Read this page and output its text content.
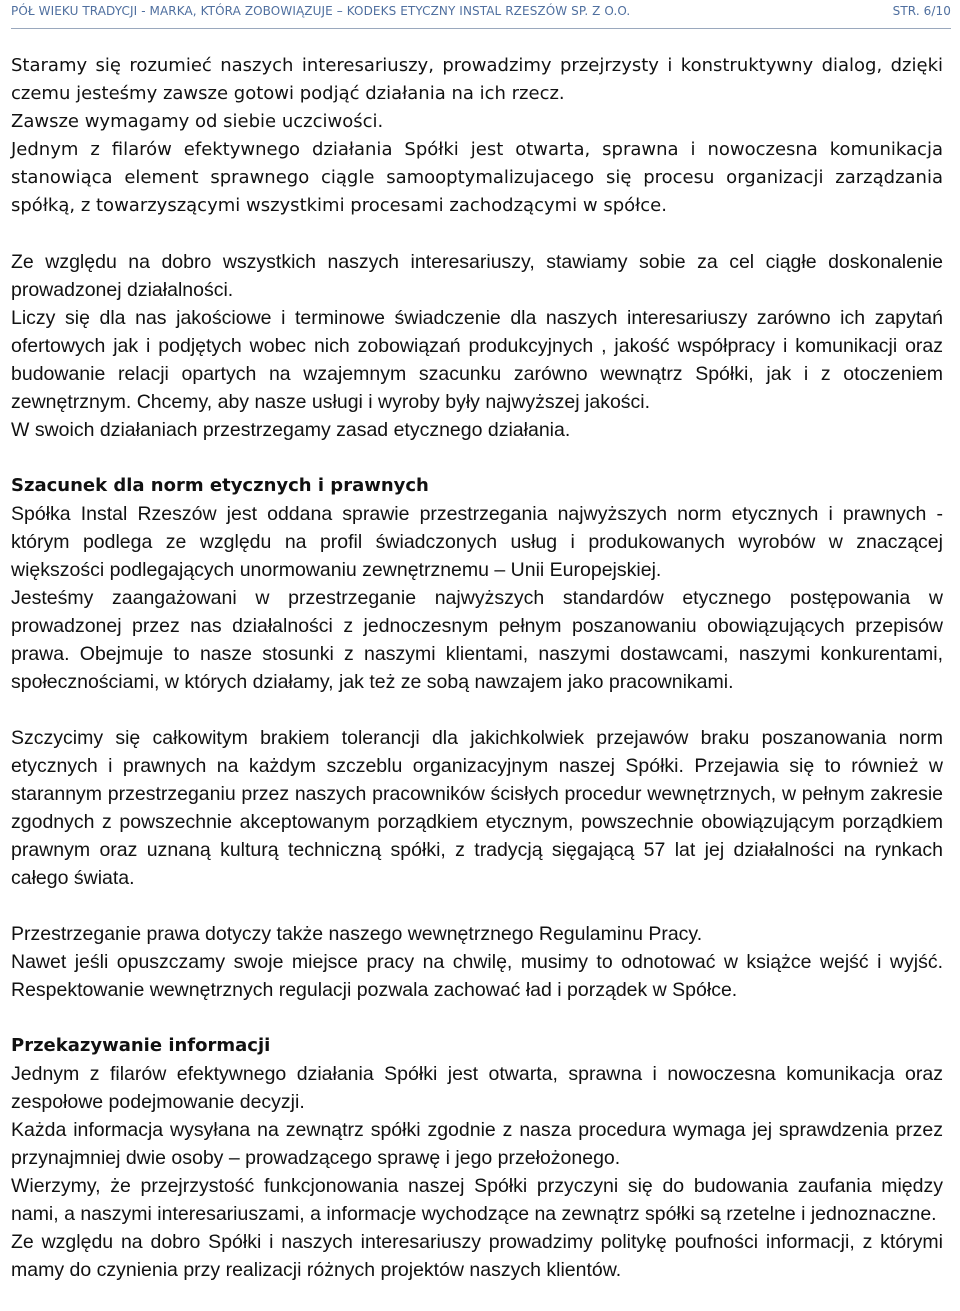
PÓŁ WIEKU TRADYCJI - MARKA, KTÓRA ZOBOWIĄZUJE – KODEKS ETYCZNY INSTAL RZESZÓW SP. Z O.O.	STR. 6/10

Staramy się rozumieć naszych interesariuszy, prowadzimy przejrzysty i konstruktywny dialog, dzięki czemu jesteśmy zawsze gotowi podjąć działania na ich rzecz.

Zawsze wymagamy od siebie uczciwości.

Jednym z filarów efektywnego działania Spółki jest otwarta, sprawna i nowoczesna komunikacja stanowiąca element sprawnego ciągle samooptymalizujacego się procesu organizacji zarządzania spółką, z towarzyszącymi wszystkimi procesami zachodzącymi w spółce.

Ze względu na dobro wszystkich naszych interesariuszy, stawiamy sobie za cel ciągłe doskonalenie prowadzonej działalności.

Liczy się dla nas jakościowe i terminowe świadczenie dla naszych interesariuszy zarówno ich zapytań ofertowych jak i podjętych wobec nich zobowiązań produkcyjnych , jakość współpracy i komunikacji oraz budowanie relacji opartych na wzajemnym szacunku zarówno wewnątrz Spółki, jak i z otoczeniem zewnętrznym. Chcemy, aby nasze usługi i wyroby były najwyższej jakości.

W swoich działaniach przestrzegamy zasad etycznego działania.

Szacunek dla norm etycznych i prawnych

Spółka Instal Rzeszów jest oddana sprawie przestrzegania najwyższych norm etycznych i prawnych - którym podlega ze względu na profil świadczonych usług i produkowanych wyrobów w znaczącej większości podlegających unormowaniu zewnętrznemu – Unii Europejskiej.

Jesteśmy zaangażowani w przestrzeganie najwyższych standardów etycznego postępowania w prowadzonej przez nas działalności z jednoczesnym pełnym poszanowaniu obowiązujących przepisów prawa. Obejmuje to nasze stosunki z naszymi klientami, naszymi dostawcami, naszymi konkurentami, społecznościami, w których działamy, jak też ze sobą nawzajem jako pracownikami.

Szczycimy się całkowitym brakiem tolerancji dla jakichkolwiek przejawów braku poszanowania norm etycznych i prawnych na każdym szczeblu organizacyjnym naszej Spółki. Przejawia się to również w starannym przestrzeganiu przez naszych pracowników ścisłych procedur wewnętrznych, w pełnym zakresie zgodnych z powszechnie akceptowanym porządkiem etycznym, powszechnie obowiązującym porządkiem prawnym oraz uznaną kulturą techniczną spółki, z tradycją sięgającą 57 lat jej działalności na rynkach całego świata.

Przestrzeganie prawa dotyczy także naszego wewnętrznego Regulaminu Pracy.

Nawet jeśli opuszczamy swoje miejsce pracy na chwilę, musimy to odnotować w książce wejść i wyjść. Respektowanie wewnętrznych regulacji pozwala zachować ład i porządek w Spółce.

Przekazywanie informacji

Jednym z filarów efektywnego działania Spółki jest otwarta, sprawna i nowoczesna komunikacja oraz zespołowe podejmowanie decyzji.

Każda informacja wysyłana na zewnątrz spółki zgodnie z nasza procedura wymaga jej sprawdzenia przez przynajmniej dwie osoby – prowadzącego sprawę i jego przełożonego.

Wierzymy, że przejrzystość funkcjonowania naszej Spółki przyczyni się do budowania zaufania między nami, a naszymi interesariuszami, a informacje wychodzące na zewnątrz spółki są rzetelne i jednoznaczne.

Ze względu na dobro Spółki i naszych interesariuszy prowadzimy politykę poufności informacji, z którymi mamy do czynienia przy realizacji różnych projektów naszych klientów.
